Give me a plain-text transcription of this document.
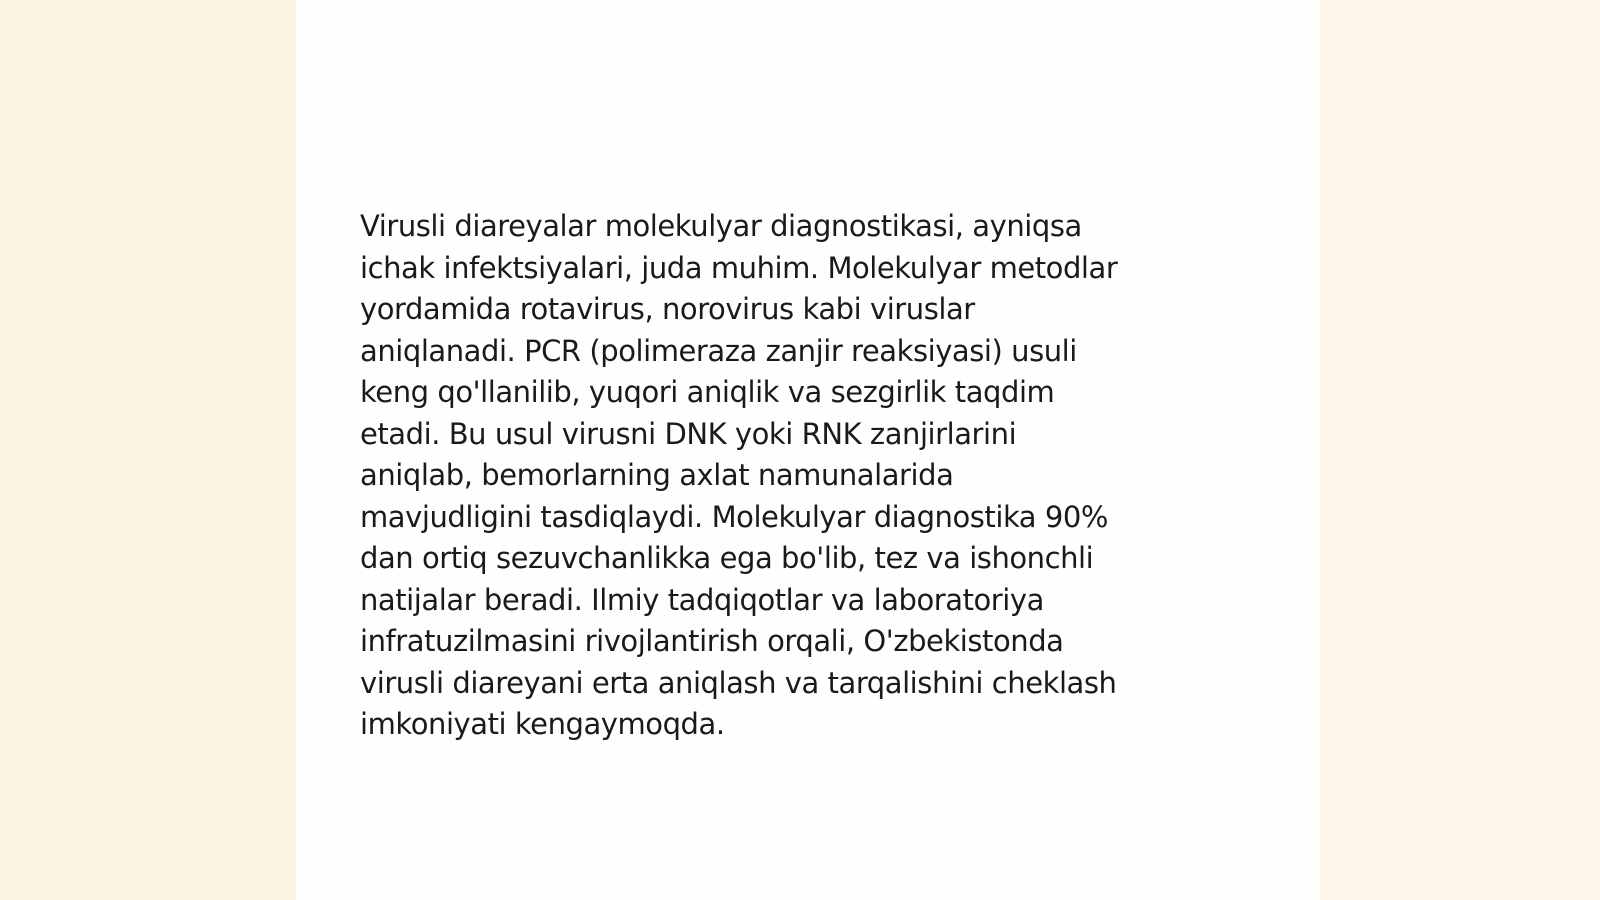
Virusli diareyalar molekulyar diagnostikasi, ayniqsa
ichak infektsiyalari, juda muhim. Molekulyar metodlar
yordamida rotavirus, norovirus kabi viruslar
aniqlanadi. PCR (polimeraza zanjir reaksiyasi) usuli
keng qo'llanilib, yuqori aniqlik va sezgirlik taqdim
etadi. Bu usul virusni DNK yoki RNK zanjirlarini
aniqlab, bemorlarning axlat namunalarida
mavjudligini tasdiqlaydi. Molekulyar diagnostika 90%
dan ortiq sezuvchanlikka ega bo'lib, tez va ishonchli
natijalar beradi. Ilmiy tadqiqotlar va laboratoriya
infratuzilmasini rivojlantirish orqali, O'zbekistonda
virusli diareyani erta aniqlash va tarqalishini cheklash
imkoniyati kengaymoqda.
